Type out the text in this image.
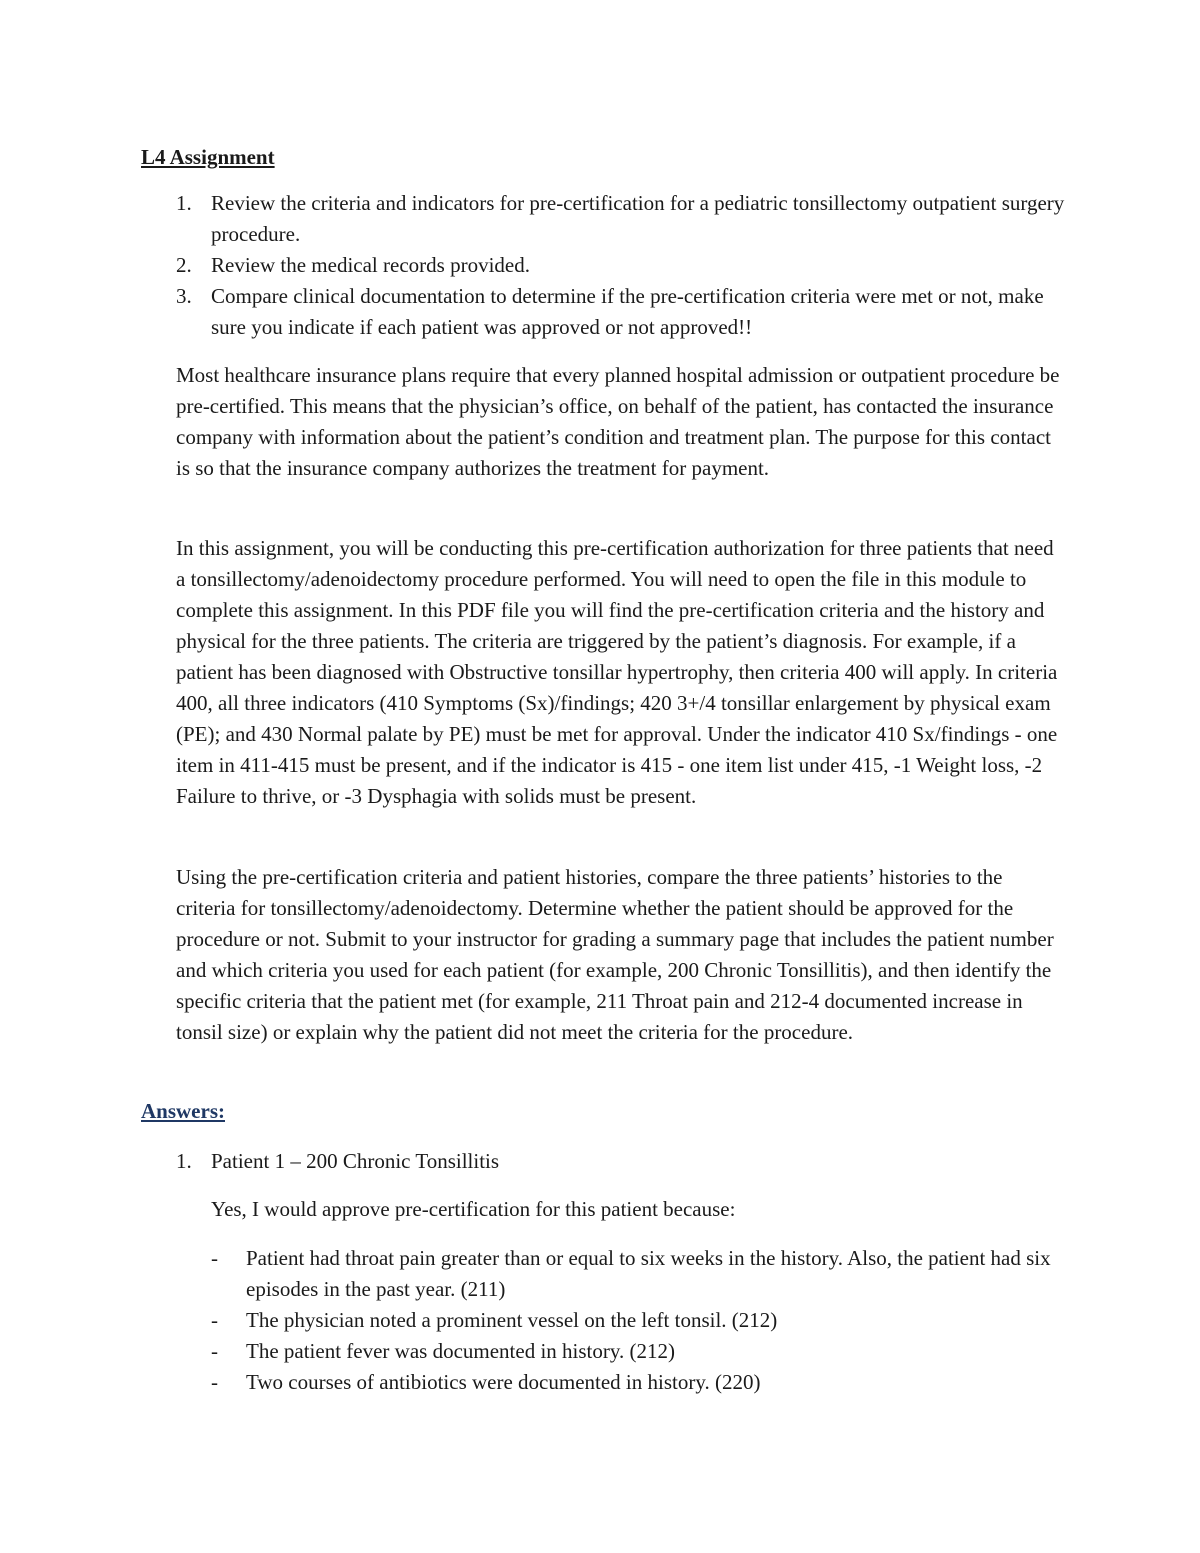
L4 Assignment
1. Review the criteria and indicators for pre-certification for a pediatric tonsillectomy outpatient surgery procedure.
2. Review the medical records provided.
3. Compare clinical documentation to determine if the pre-certification criteria were met or not, make sure you indicate if each patient was approved or not approved!!

Most healthcare insurance plans require that every planned hospital admission or outpatient procedure be pre-certified. This means that the physician’s office, on behalf of the patient, has contacted the insurance company with information about the patient’s condition and treatment plan. The purpose for this contact is so that the insurance company authorizes the treatment for payment.

In this assignment, you will be conducting this pre-certification authorization for three patients that need a tonsillectomy/adenoidectomy procedure performed. You will need to open the file in this module to complete this assignment. In this PDF file you will find the pre-certification criteria and the history and physical for the three patients. The criteria are triggered by the patient’s diagnosis. For example, if a patient has been diagnosed with Obstructive tonsillar hypertrophy, then criteria 400 will apply. In criteria 400, all three indicators (410 Symptoms (Sx)/findings; 420 3+/4 tonsillar enlargement by physical exam (PE); and 430 Normal palate by PE) must be met for approval. Under the indicator 410 Sx/findings - one item in 411-415 must be present, and if the indicator is 415 - one item list under 415, -1 Weight loss, -2 Failure to thrive, or -3 Dysphagia with solids must be present.

Using the pre-certification criteria and patient histories, compare the three patients’ histories to the criteria for tonsillectomy/adenoidectomy. Determine whether the patient should be approved for the procedure or not. Submit to your instructor for grading a summary page that includes the patient number and which criteria you used for each patient (for example, 200 Chronic Tonsillitis), and then identify the specific criteria that the patient met (for example, 211 Throat pain and 212-4 documented increase in tonsil size) or explain why the patient did not meet the criteria for the procedure.

Answers:
1. Patient 1 – 200 Chronic Tonsillitis

Yes, I would approve pre-certification for this patient because:

- Patient had throat pain greater than or equal to six weeks in the history. Also, the patient had six episodes in the past year. (211)
- The physician noted a prominent vessel on the left tonsil. (212)
- The patient fever was documented in history. (212)
- Two courses of antibiotics were documented in history. (220)
